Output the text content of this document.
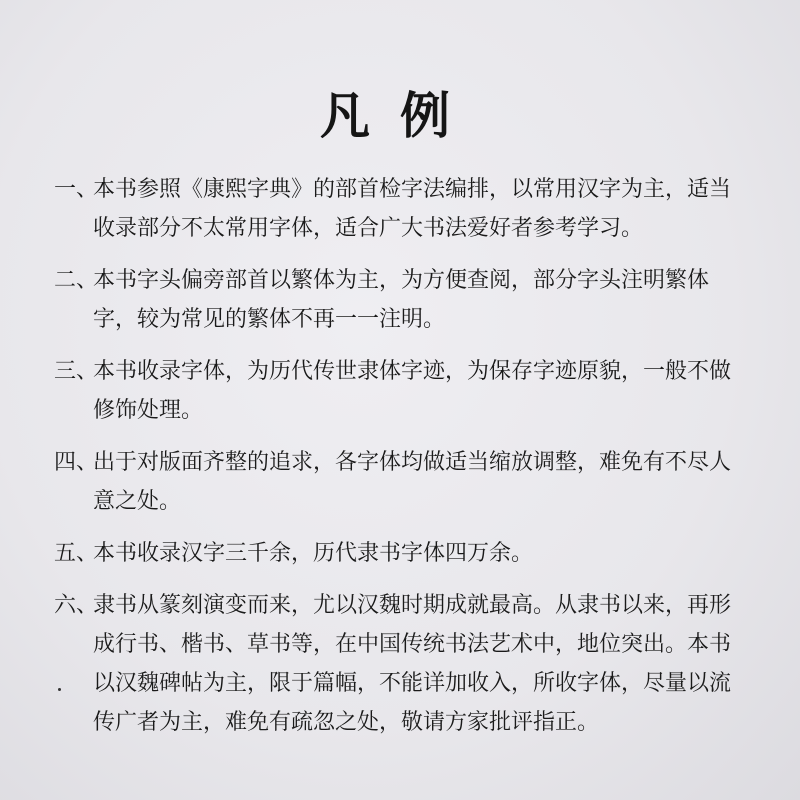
凡例
一、
本书参照《康熙字典》的部首检字法编排，以常用汉字为主，适当
收录部分不太常用字体，适合广大书法爱好者参考学习。
二、
本书字头偏旁部首以繁体为主，为方便查阅，部分字头注明繁体
字，较为常见的繁体不再一一注明。
三、
本书收录字体，为历代传世隶体字迹，为保存字迹原貌，一般不做
修饰处理。
四、
出于对版面齐整的追求，各字体均做适当缩放调整，难免有不尽人
意之处。
五、
本书收录汉字三千余，历代隶书字体四万余。
六、
隶书从篆刻演变而来，尤以汉魏时期成就最高。从隶书以来，再形
成行书、楷书、草书等，在中国传统书法艺术中，地位突出。本书
以汉魏碑帖为主，限于篇幅，不能详加收入，所收字体，尽量以流
传广者为主，难免有疏忽之处，敬请方家批评指正。
